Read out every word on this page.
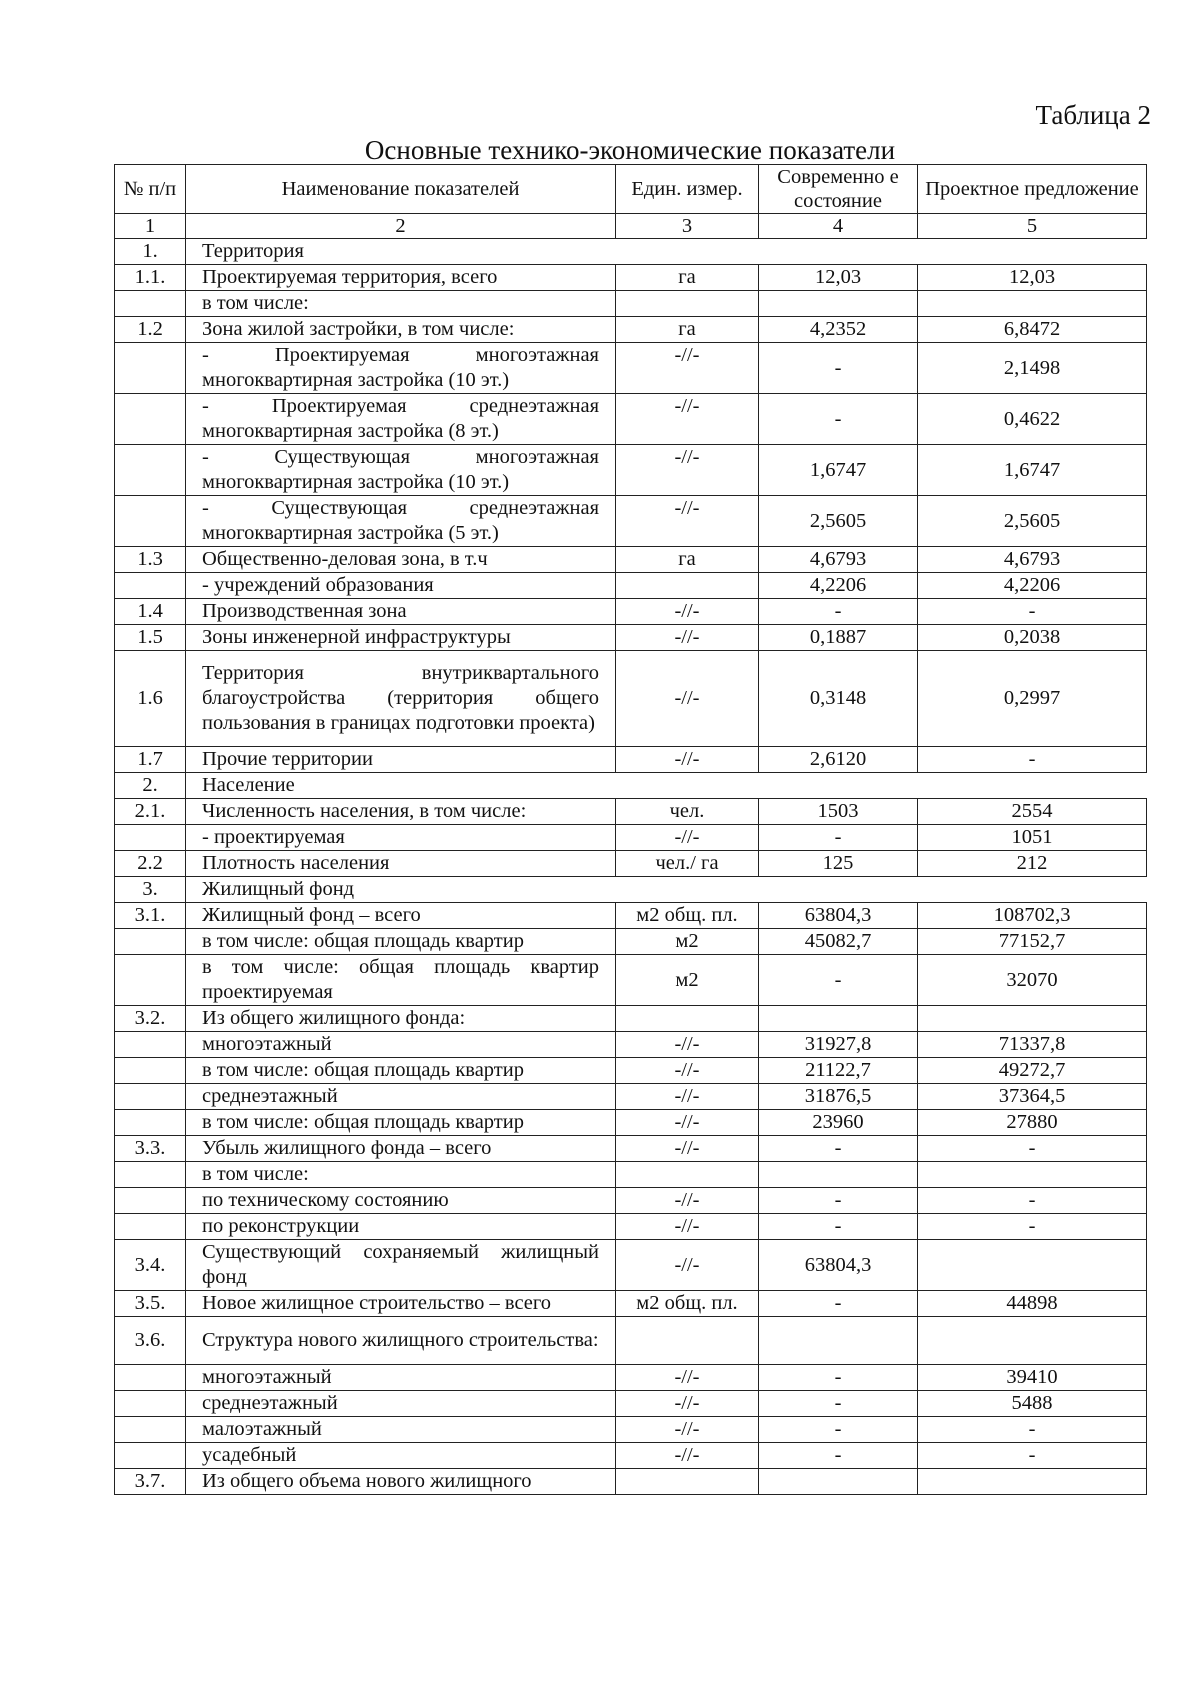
Таблица 2
Основные технико-экономические показатели
№ п/п	Наименование показателей	Един. измер.	Современно е состояние	Проектное предложение
1	2	3	4	5
1.	Территория			
1.1.	Проектируемая территория, всего	га	12,03	12,03
	в том числе:			
1.2	Зона жилой застройки, в том числе:	га	4,2352	6,8472
	- Проектируемая многоэтажная многоквартирная застройка (10 эт.)	-//-	-	2,1498
	- Проектируемая среднеэтажная многоквартирная застройка (8 эт.)	-//-	-	0,4622
	- Существующая многоэтажная многоквартирная застройка (10 эт.)	-//-	1,6747	1,6747
	- Существующая среднеэтажная многоквартирная застройка (5 эт.)	-//-	2,5605	2,5605
1.3	Общественно-деловая зона, в т.ч	га	4,6793	4,6793
	- учреждений образования		4,2206	4,2206
1.4	Производственная зона	-//-	-	-
1.5	Зоны инженерной инфраструктуры	-//-	0,1887	0,2038
1.6	Территория внутриквартального благоустройства (территория общего пользования в границах подготовки проекта)	-//-	0,3148	0,2997
1.7	Прочие территории	-//-	2,6120	-
2.	Население			
2.1.	Численность населения, в том числе:	чел.	1503	2554
	- проектируемая	-//-	-	1051
2.2	Плотность населения	чел./ га	125	212
3.	Жилищный фонд			
3.1.	Жилищный фонд – всего	м2 общ. пл.	63804,3	108702,3
	в том числе: общая площадь квартир	м2	45082,7	77152,7
	в том числе: общая площадь квартир проектируемая	м2	-	32070
3.2.	Из общего жилищного фонда:			
	многоэтажный	-//-	31927,8	71337,8
	в том числе: общая площадь квартир	-//-	21122,7	49272,7
	среднеэтажный	-//-	31876,5	37364,5
	в том числе: общая площадь квартир	-//-	23960	27880
3.3.	Убыль жилищного фонда – всего	-//-	-	-
	в том числе:			
	по техническому состоянию	-//-	-	-
	по реконструкции	-//-	-	-
3.4.	Существующий сохраняемый жилищный фонд	-//-	63804,3	
3.5.	Новое жилищное строительство – всего	м2 общ. пл.	-	44898
3.6.	Структура нового жилищного строительства:			
	многоэтажный	-//-	-	39410
	среднеэтажный	-//-	-	5488
	малоэтажный	-//-	-	-
	усадебный	-//-	-	-
3.7.	Из общего объема нового жилищного			
